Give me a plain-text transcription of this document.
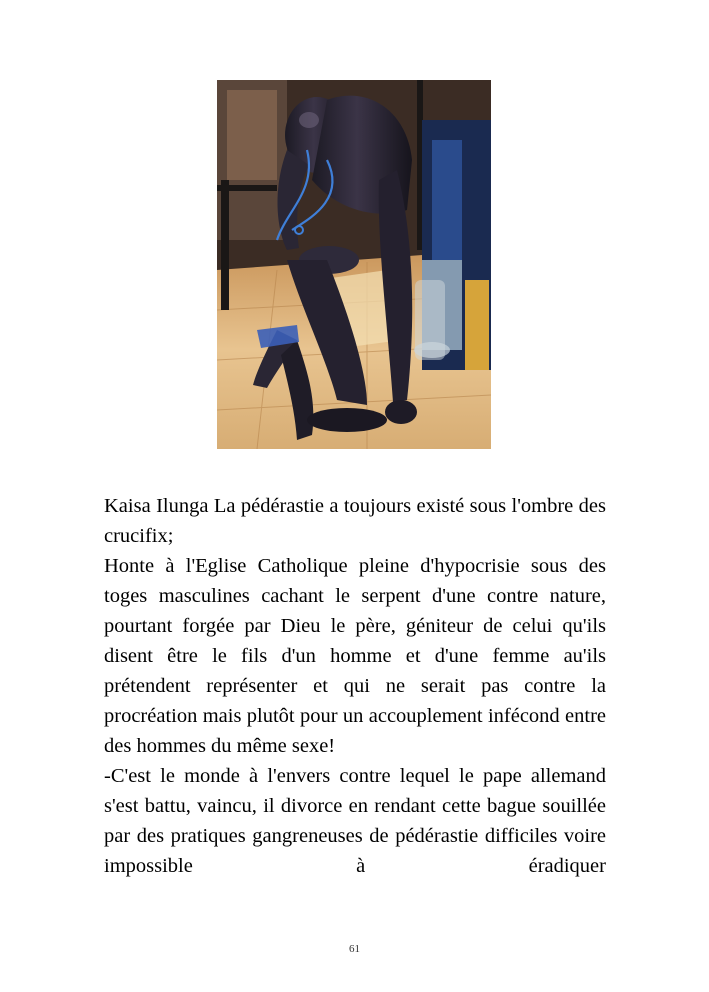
Kaisa Ilunga La pédérastie a toujours existé sous l'ombre des crucifix;

Honte à l'Eglise Catholique pleine d'hypocrisie sous des toges masculines cachant le serpent d'une contre nature, pourtant forgée par Dieu le père, géniteur de celui qu'ils disent être le fils d'un homme et d'une femme au'ils prétendent représenter et qui ne serait pas contre la procréation mais plutôt pour un accouplement infécond entre des hommes du même sexe!

-C'est le monde à l'envers contre lequel le pape allemand s'est battu, vaincu, il divorce en rendant cette bague souillée par des pratiques gangreneuses de pédérastie difficiles voire impossible à éradiquer

61
